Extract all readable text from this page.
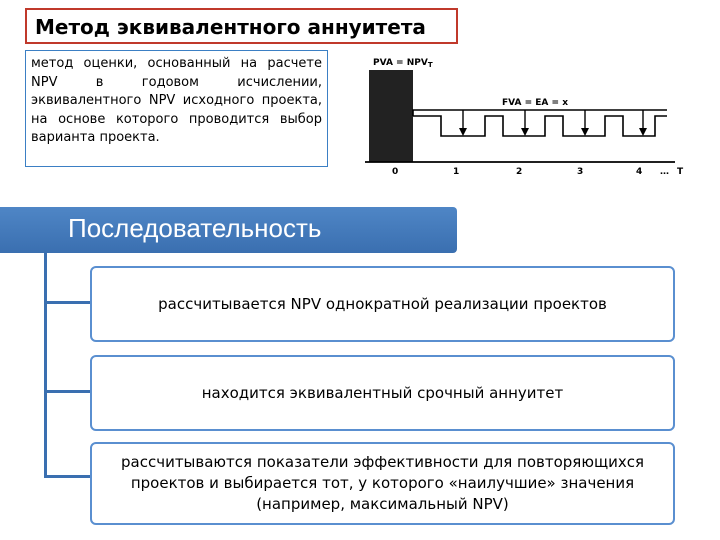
Метод эквивалентного аннуитета
метод оценки, основанный на расчете NPV в годовом исчислении, эквивалентного NPV исходного проекта, на основе которого проводится выбор варианта проекта.
PVA = $NPV_T$
FVA = EA = x
0	1	2	3	4 … T
Последовательность
рассчитывается NPV однократной реализации проектов
находится эквивалентный срочный аннуитет
рассчитываются показатели эффективности для повторяющихся проектов и выбирается тот, у которого «наилучшие» значения (например, максимальный NPV)
